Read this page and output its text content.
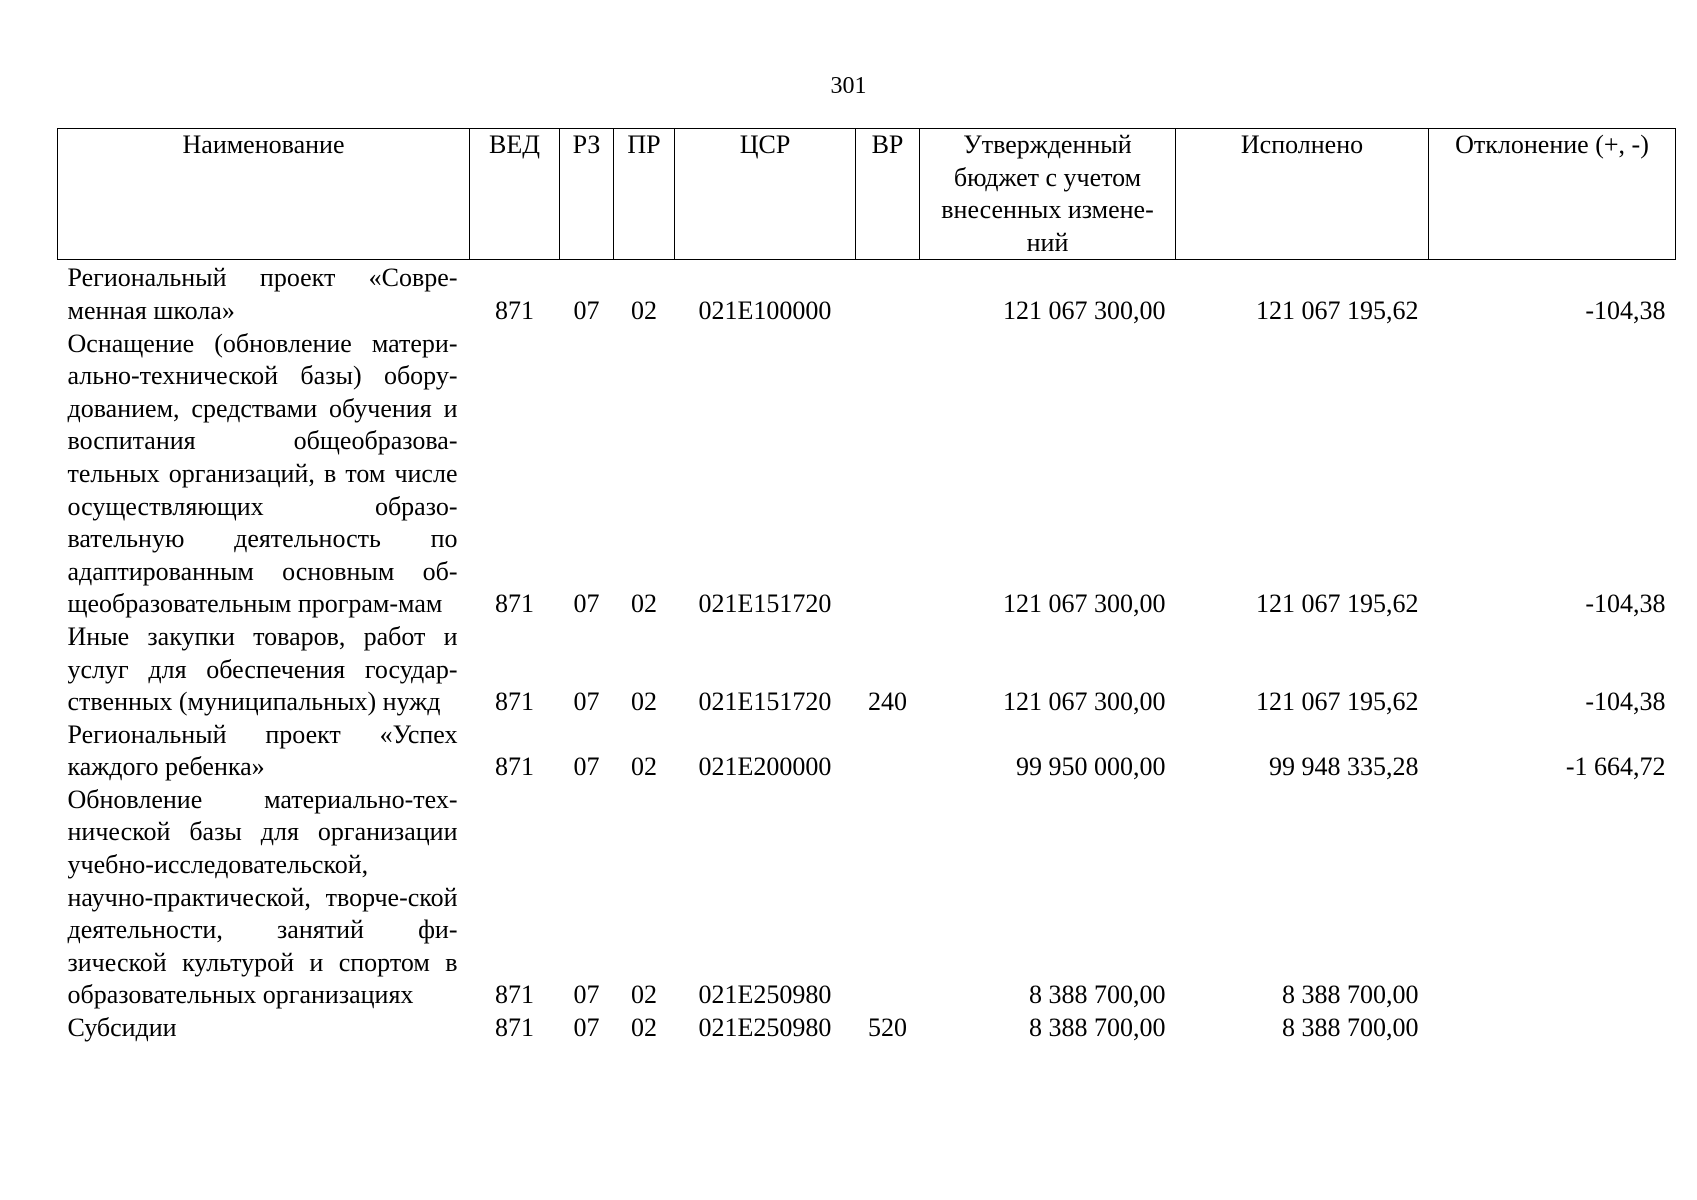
301
Наименование	ВЕД	РЗ	ПР	ЦСР	ВР	Утвержденный бюджет с учетом внесенных измене-ний	Исполнено	Отклонение (+, -)
Региональный проект «Совре-менная школа»	871	07	02	021Е100000		121 067 300,00	121 067 195,62	-104,38
Оснащение (обновление матери-ально-технической базы) обору-дованием, средствами обучения и воспитания общеобразова-тельных организаций, в том числе осуществляющих образо-вательную деятельность по адаптированным основным об-щеобразовательным програм-мам	871	07	02	021Е151720		121 067 300,00	121 067 195,62	-104,38
Иные закупки товаров, работ и услуг для обеспечения государ-ственных (муниципальных) нужд	871	07	02	021Е151720	240	121 067 300,00	121 067 195,62	-104,38
Региональный проект «Успех каждого ребенка»	871	07	02	021Е200000		99 950 000,00	99 948 335,28	-1 664,72
Обновление материально-тех-нической базы для организации учебно-исследовательской, научно-практической, творче-ской деятельности, занятий фи-зической культурой и спортом в образовательных организациях	871	07	02	021Е250980		8 388 700,00	8 388 700,00	
Субсидии	871	07	02	021Е250980	520	8 388 700,00	8 388 700,00	
